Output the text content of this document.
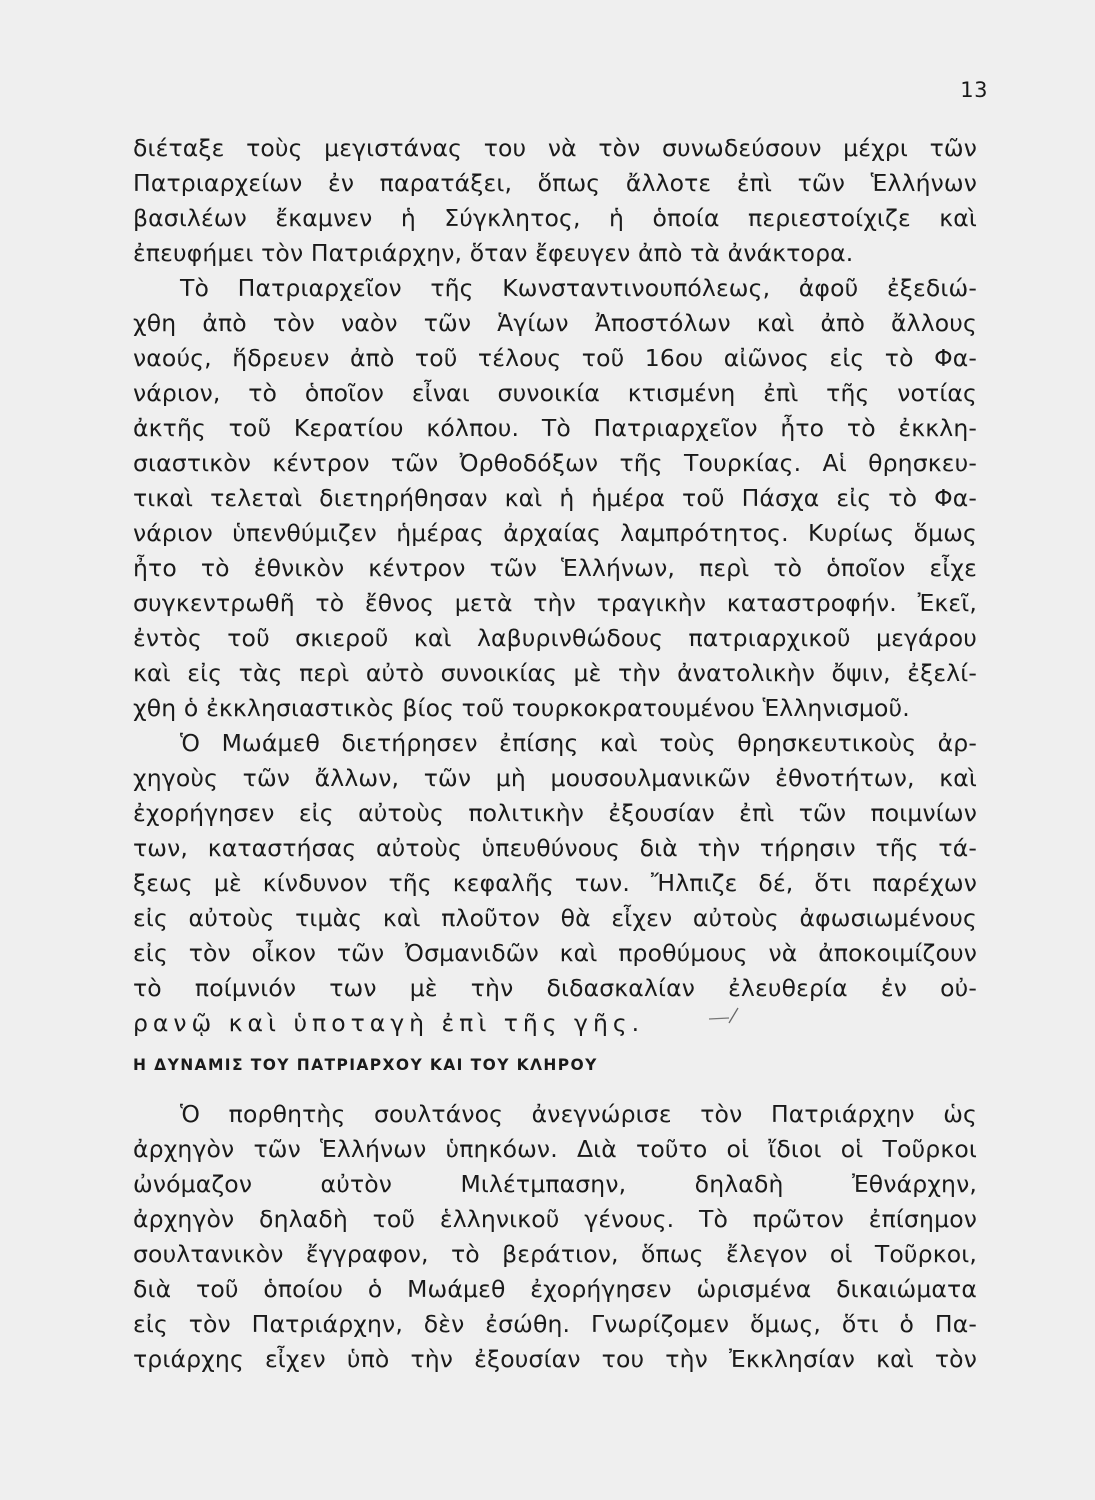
13
διέταξε τοὺς μεγιστάνας του νὰ τὸν συνωδεύσουν μέχρι τῶν
Πατριαρχείων ἐν παρατάξει, ὅπως ἄλλοτε ἐπὶ τῶν Ἑλλήνων
βασιλέων ἔκαμνεν ἡ Σύγκλητος, ἡ ὁποία περιεστοίχιζε καὶ
ἐπευφήμει τὸν Πατριάρχην, ὅταν ἔφευγεν ἀπὸ τὰ ἀνάκτορα.
Τὸ Πατριαρχεῖον τῆς Κωνσταντινουπόλεως, ἀφοῦ ἐξεδιώ-
χθη ἀπὸ τὸν ναὸν τῶν Ἁγίων Ἀποστόλων καὶ ἀπὸ ἄλλους
ναούς, ἥδρευεν ἀπὸ τοῦ τέλους τοῦ 16ου αἰῶνος εἰς τὸ Φα-
νάριον, τὸ ὁποῖον εἶναι συνοικία κτισμένη ἐπὶ τῆς νοτίας
ἀκτῆς τοῦ Κερατίου κόλπου. Τὸ Πατριαρχεῖον ἦτο τὸ ἐκκλη-
σιαστικὸν κέντρον τῶν Ὀρθοδόξων τῆς Τουρκίας. Αἱ θρησκευ-
τικαὶ τελεταὶ διετηρήθησαν καὶ ἡ ἡμέρα τοῦ Πάσχα εἰς τὸ Φα-
νάριον ὑπενθύμιζεν ἡμέρας ἀρχαίας λαμπρότητος. Κυρίως ὅμως
ἦτο τὸ ἐθνικὸν κέντρον τῶν Ἑλλήνων, περὶ τὸ ὁποῖον εἶχε
συγκεντρωθῆ τὸ ἔθνος μετὰ τὴν τραγικὴν καταστροφήν. Ἐκεῖ,
ἐντὸς τοῦ σκιεροῦ καὶ λαβυρινθώδους πατριαρχικοῦ μεγάρου
καὶ εἰς τὰς περὶ αὐτὸ συνοικίας μὲ τὴν ἀνατολικὴν ὄψιν, ἐξελί-
χθη ὁ ἐκκλησιαστικὸς βίος τοῦ τουρκοκρατουμένου Ἑλληνισμοῦ.
Ὁ Μωάμεθ διετήρησεν ἐπίσης καὶ τοὺς θρησκευτικοὺς ἀρ-
χηγοὺς τῶν ἄλλων, τῶν μὴ μουσουλμανικῶν ἐθνοτήτων, καὶ
ἐχορήγησεν εἰς αὐτοὺς πολιτικὴν ἐξουσίαν ἐπὶ τῶν ποιμνίων
των, καταστήσας αὐτοὺς ὑπευθύνους διὰ τὴν τήρησιν τῆς τά-
ξεως μὲ κίνδυνον τῆς κεφαλῆς των. Ἤλπιζε δέ, ὅτι παρέχων
εἰς αὐτοὺς τιμὰς καὶ πλοῦτον θὰ εἶχεν αὐτοὺς ἀφωσιωμένους
εἰς τὸν οἶκον τῶν Ὀσμανιδῶν καὶ προθύμους νὰ ἀποκοιμίζουν
τὸ ποίμνιόν των μὲ τὴν διδασκαλίαν ἐλευθερία ἐν οὐ-
ρανῷ καὶ ὑποταγὴ ἐπὶ τῆς γῆς.
Η ΔΥΝΑΜΙΣ ΤΟΥ ΠΑΤΡΙΑΡΧΟΥ ΚΑΙ ΤΟΥ ΚΛΗΡΟΥ
Ὁ πορθητὴς σουλτάνος ἀνεγνώρισε τὸν Πατριάρχην ὡς
ἀρχηγὸν τῶν Ἑλλήνων ὑπηκόων. Διὰ τοῦτο οἱ ἴδιοι οἱ Τοῦρκοι
ὠνόμαζον αὐτὸν Μιλέτμπασην, δηλαδὴ Ἐθνάρχην,
ἀρχηγὸν δηλαδὴ τοῦ ἑλληνικοῦ γένους. Τὸ πρῶτον ἐπίσημον
σουλτανικὸν ἔγγραφον, τὸ βεράτιον, ὅπως ἔλεγον οἱ Τοῦρκοι,
διὰ τοῦ ὁποίου ὁ Μωάμεθ ἐχορήγησεν ὡρισμένα δικαιώματα
εἰς τὸν Πατριάρχην, δὲν ἐσώθη. Γνωρίζομεν ὅμως, ὅτι ὁ Πα-
τριάρχης εἶχεν ὑπὸ τὴν ἐξουσίαν του τὴν Ἐκκλησίαν καὶ τὸν
